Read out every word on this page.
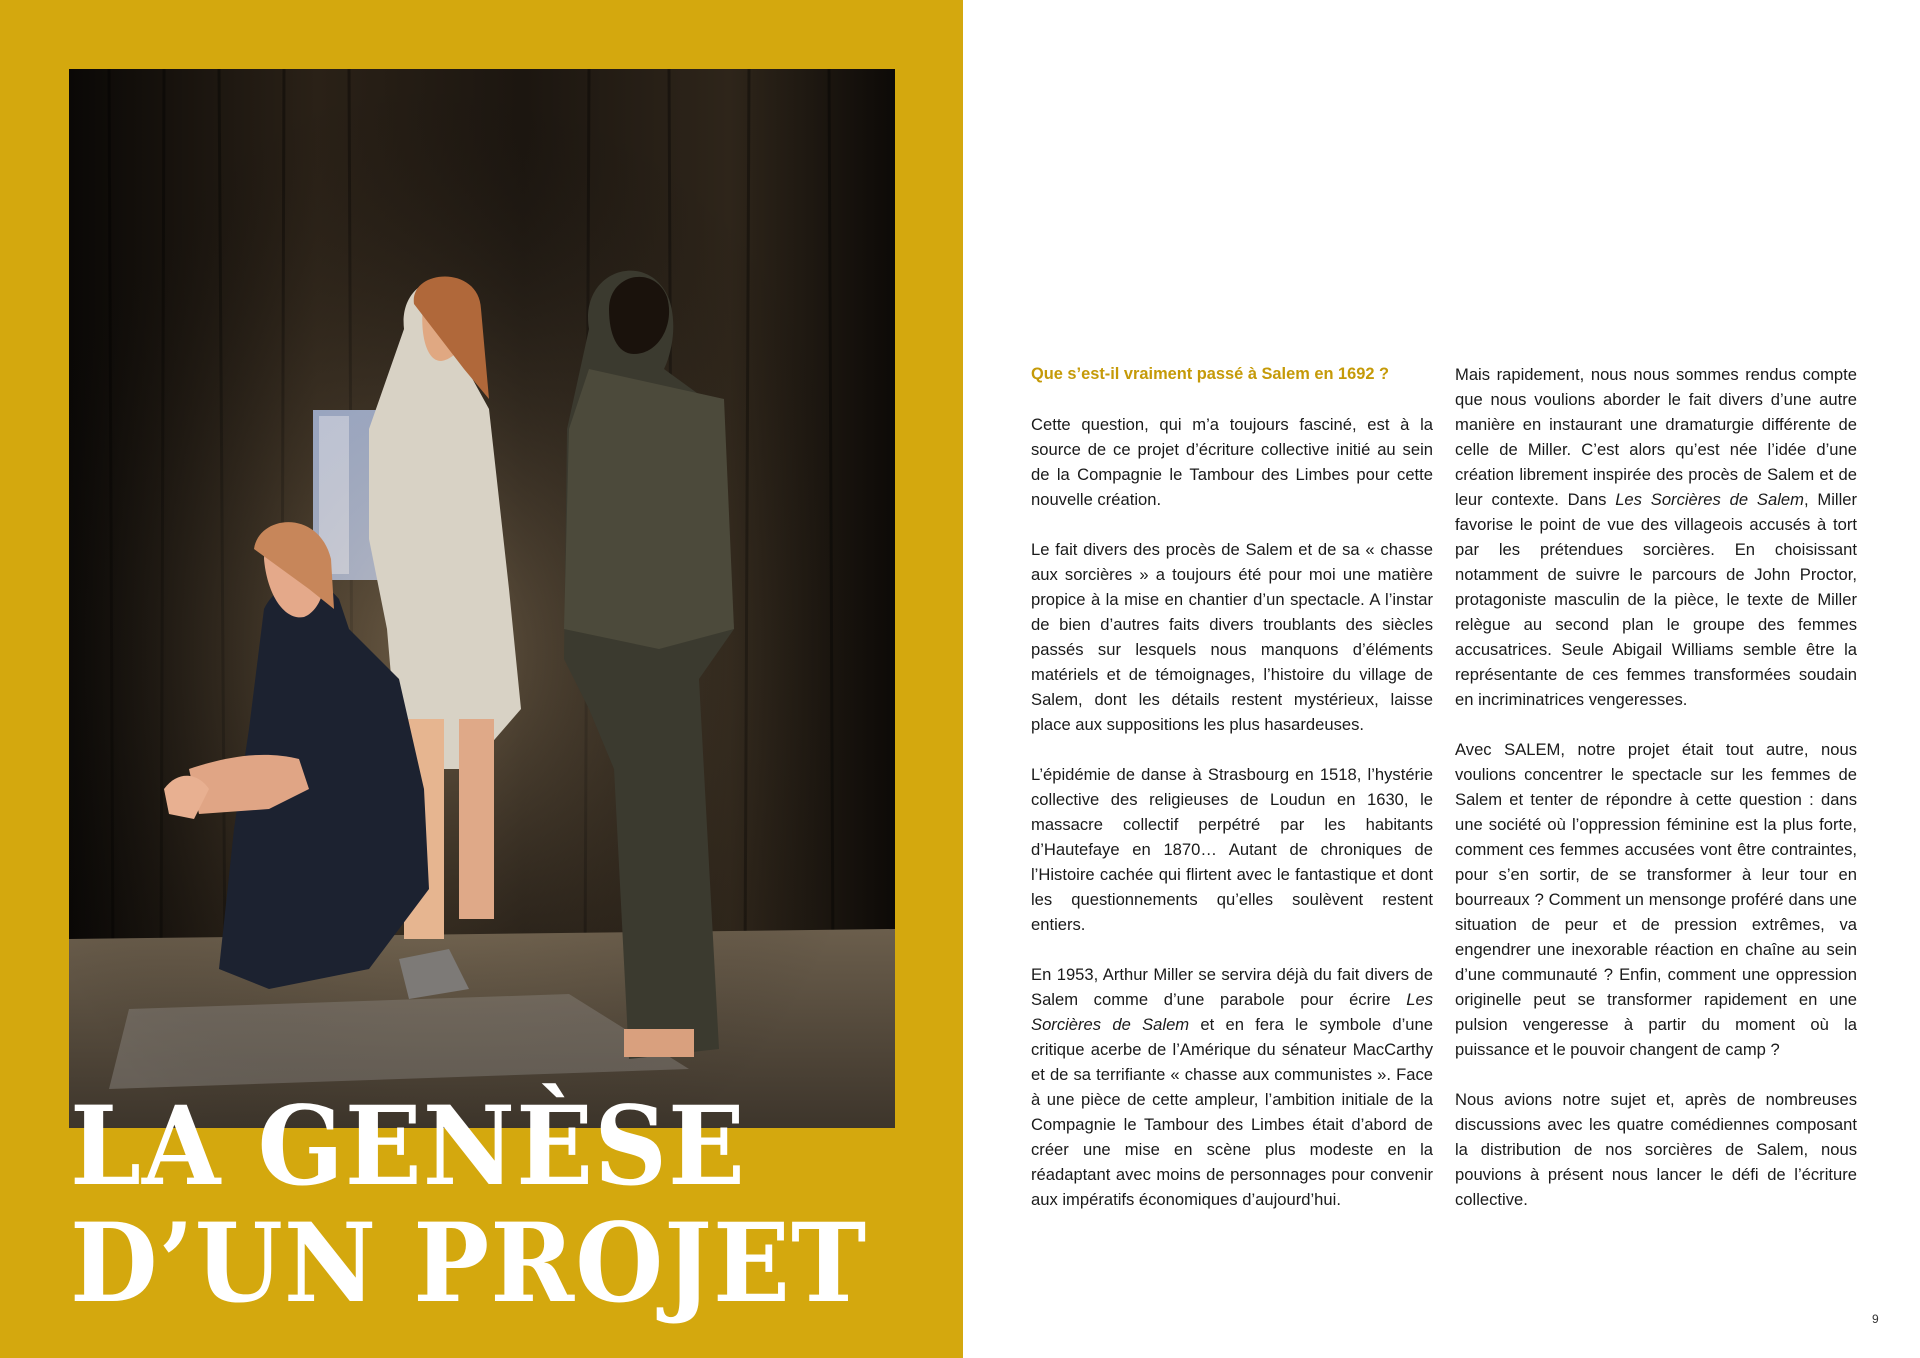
LA GENÈSE
D’UN PROJET

Que s’est-il vraiment passé à Salem en 1692 ?

Cette question, qui m’a toujours fasciné, est à la source de ce projet d’écriture collective initié au sein de la Compagnie le Tambour des Limbes pour cette nouvelle création.

Le fait divers des procès de Salem et de sa « chasse aux sorcières » a toujours été pour moi une matière propice à la mise en chantier d’un spectacle. A l’instar de bien d’autres faits divers troublants des siècles passés sur lesquels nous manquons d’éléments matériels et de témoignages, l’histoire du village de Salem, dont les détails restent mystérieux, laisse place aux suppositions les plus hasardeuses.

L’épidémie de danse à Strasbourg en 1518, l’hystérie collective des religieuses de Loudun en 1630, le massacre collectif perpétré par les habitants d’Hautefaye en 1870… Autant de chroniques de l’Histoire cachée qui flirtent avec le fantastique et dont les questionnements qu’elles soulèvent restent entiers.

En 1953, Arthur Miller se servira déjà du fait divers de Salem comme d’une parabole pour écrire Les Sorcières de Salem et en fera le symbole d’une critique acerbe de l’Amérique du sénateur MacCarthy et de sa terrifiante « chasse aux communistes ». Face à une pièce de cette ampleur, l’ambition initiale de la Compagnie le Tambour des Limbes était d’abord de créer une mise en scène plus modeste en la réadaptant avec moins de personnages pour convenir aux impératifs économiques d’aujourd’hui.

Mais rapidement, nous nous sommes rendus compte que nous voulions aborder le fait divers d’une autre manière en instaurant une dramaturgie différente de celle de Miller. C’est alors qu’est née l’idée d’une création librement inspirée des procès de Salem et de leur contexte. Dans Les Sorcières de Salem, Miller favorise le point de vue des villageois accusés à tort par les prétendues sorcières. En choisissant notamment de suivre le parcours de John Proctor, protagoniste masculin de la pièce, le texte de Miller relègue au second plan le groupe des femmes accusatrices. Seule Abigail Williams semble être la représentante de ces femmes transformées soudain en incriminatrices vengeresses.

Avec SALEM, notre projet était tout autre, nous voulions concentrer le spectacle sur les femmes de Salem et tenter de répondre à cette question : dans une société où l’oppression féminine est la plus forte, comment ces femmes accusées vont être contraintes, pour s’en sortir, de se transformer à leur tour en bourreaux ? Comment un mensonge proféré dans une situation de peur et de pression extrêmes, va engendrer une inexorable réaction en chaîne au sein d’une communauté ? Enfin, comment une oppression originelle peut se transformer rapidement en une pulsion vengeresse à partir du moment où la puissance et le pouvoir changent de camp ?

Nous avions notre sujet et, après de nombreuses discussions avec les quatre comédiennes composant la distribution de nos sorcières de Salem, nous pouvions à présent nous lancer le défi de l’écriture collective.

9
